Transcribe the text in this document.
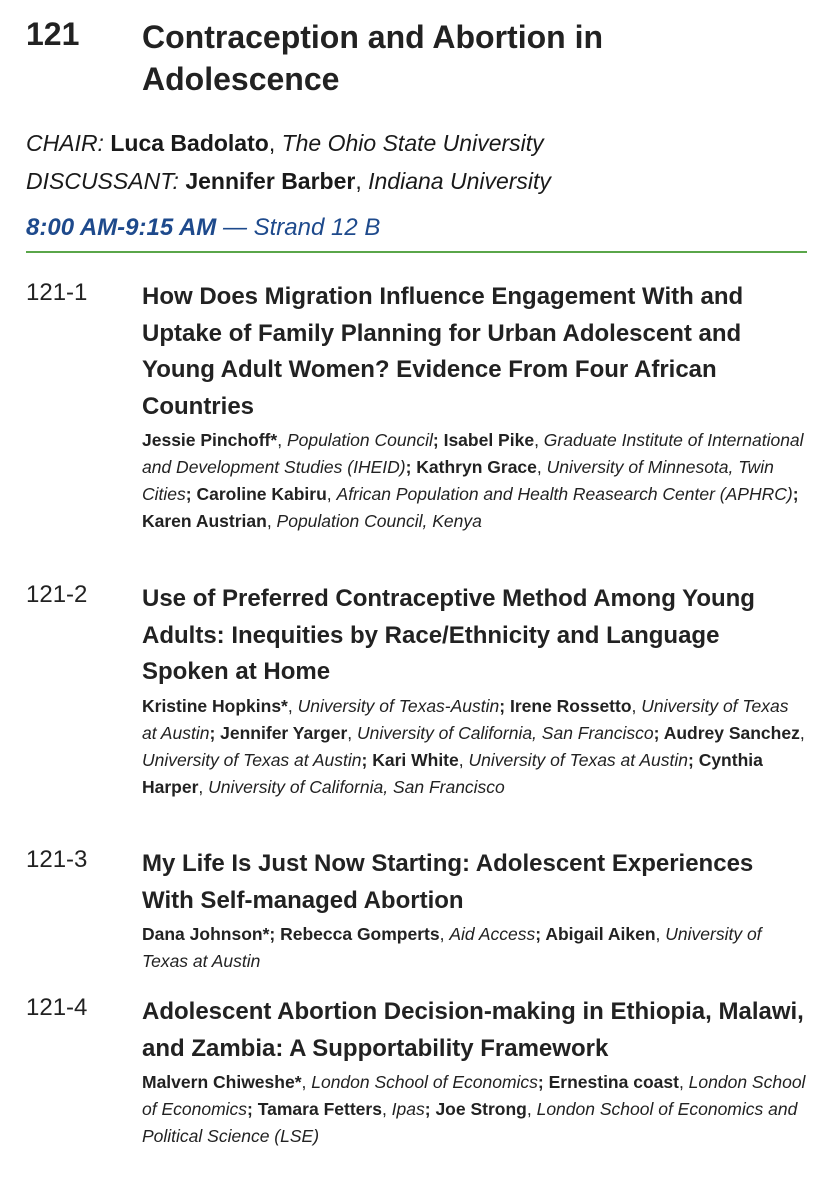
121 Contraception and Abortion in Adolescence
CHAIR: Luca Badolato, The Ohio State University
DISCUSSANT: Jennifer Barber, Indiana University
8:00 AM-9:15 AM — Strand 12 B
121-1 How Does Migration Influence Engagement With and Uptake of Family Planning for Urban Adolescent and Young Adult Women? Evidence From Four African Countries
Jessie Pinchoff*, Population Council; Isabel Pike, Graduate Institute of International and Development Studies (IHEID); Kathryn Grace, University of Minnesota, Twin Cities; Caroline Kabiru, African Population and Health Reasearch Center (APHRC); Karen Austrian, Population Council, Kenya
121-2 Use of Preferred Contraceptive Method Among Young Adults: Inequities by Race/Ethnicity and Language Spoken at Home
Kristine Hopkins*, University of Texas-Austin; Irene Rossetto, University of Texas at Austin; Jennifer Yarger, University of California, San Francisco; Audrey Sanchez, University of Texas at Austin; Kari White, University of Texas at Austin; Cynthia Harper, University of California, San Francisco
121-3 My Life Is Just Now Starting: Adolescent Experiences With Self-managed Abortion
Dana Johnson*; Rebecca Gomperts, Aid Access; Abigail Aiken, University of Texas at Austin
121-4 Adolescent Abortion Decision-making in Ethiopia, Malawi, and Zambia: A Supportability Framework
Malvern Chiweshe*, London School of Economics; Ernestina coast, London School of Economics; Tamara Fetters, Ipas; Joe Strong, London School of Economics and Political Science (LSE)
